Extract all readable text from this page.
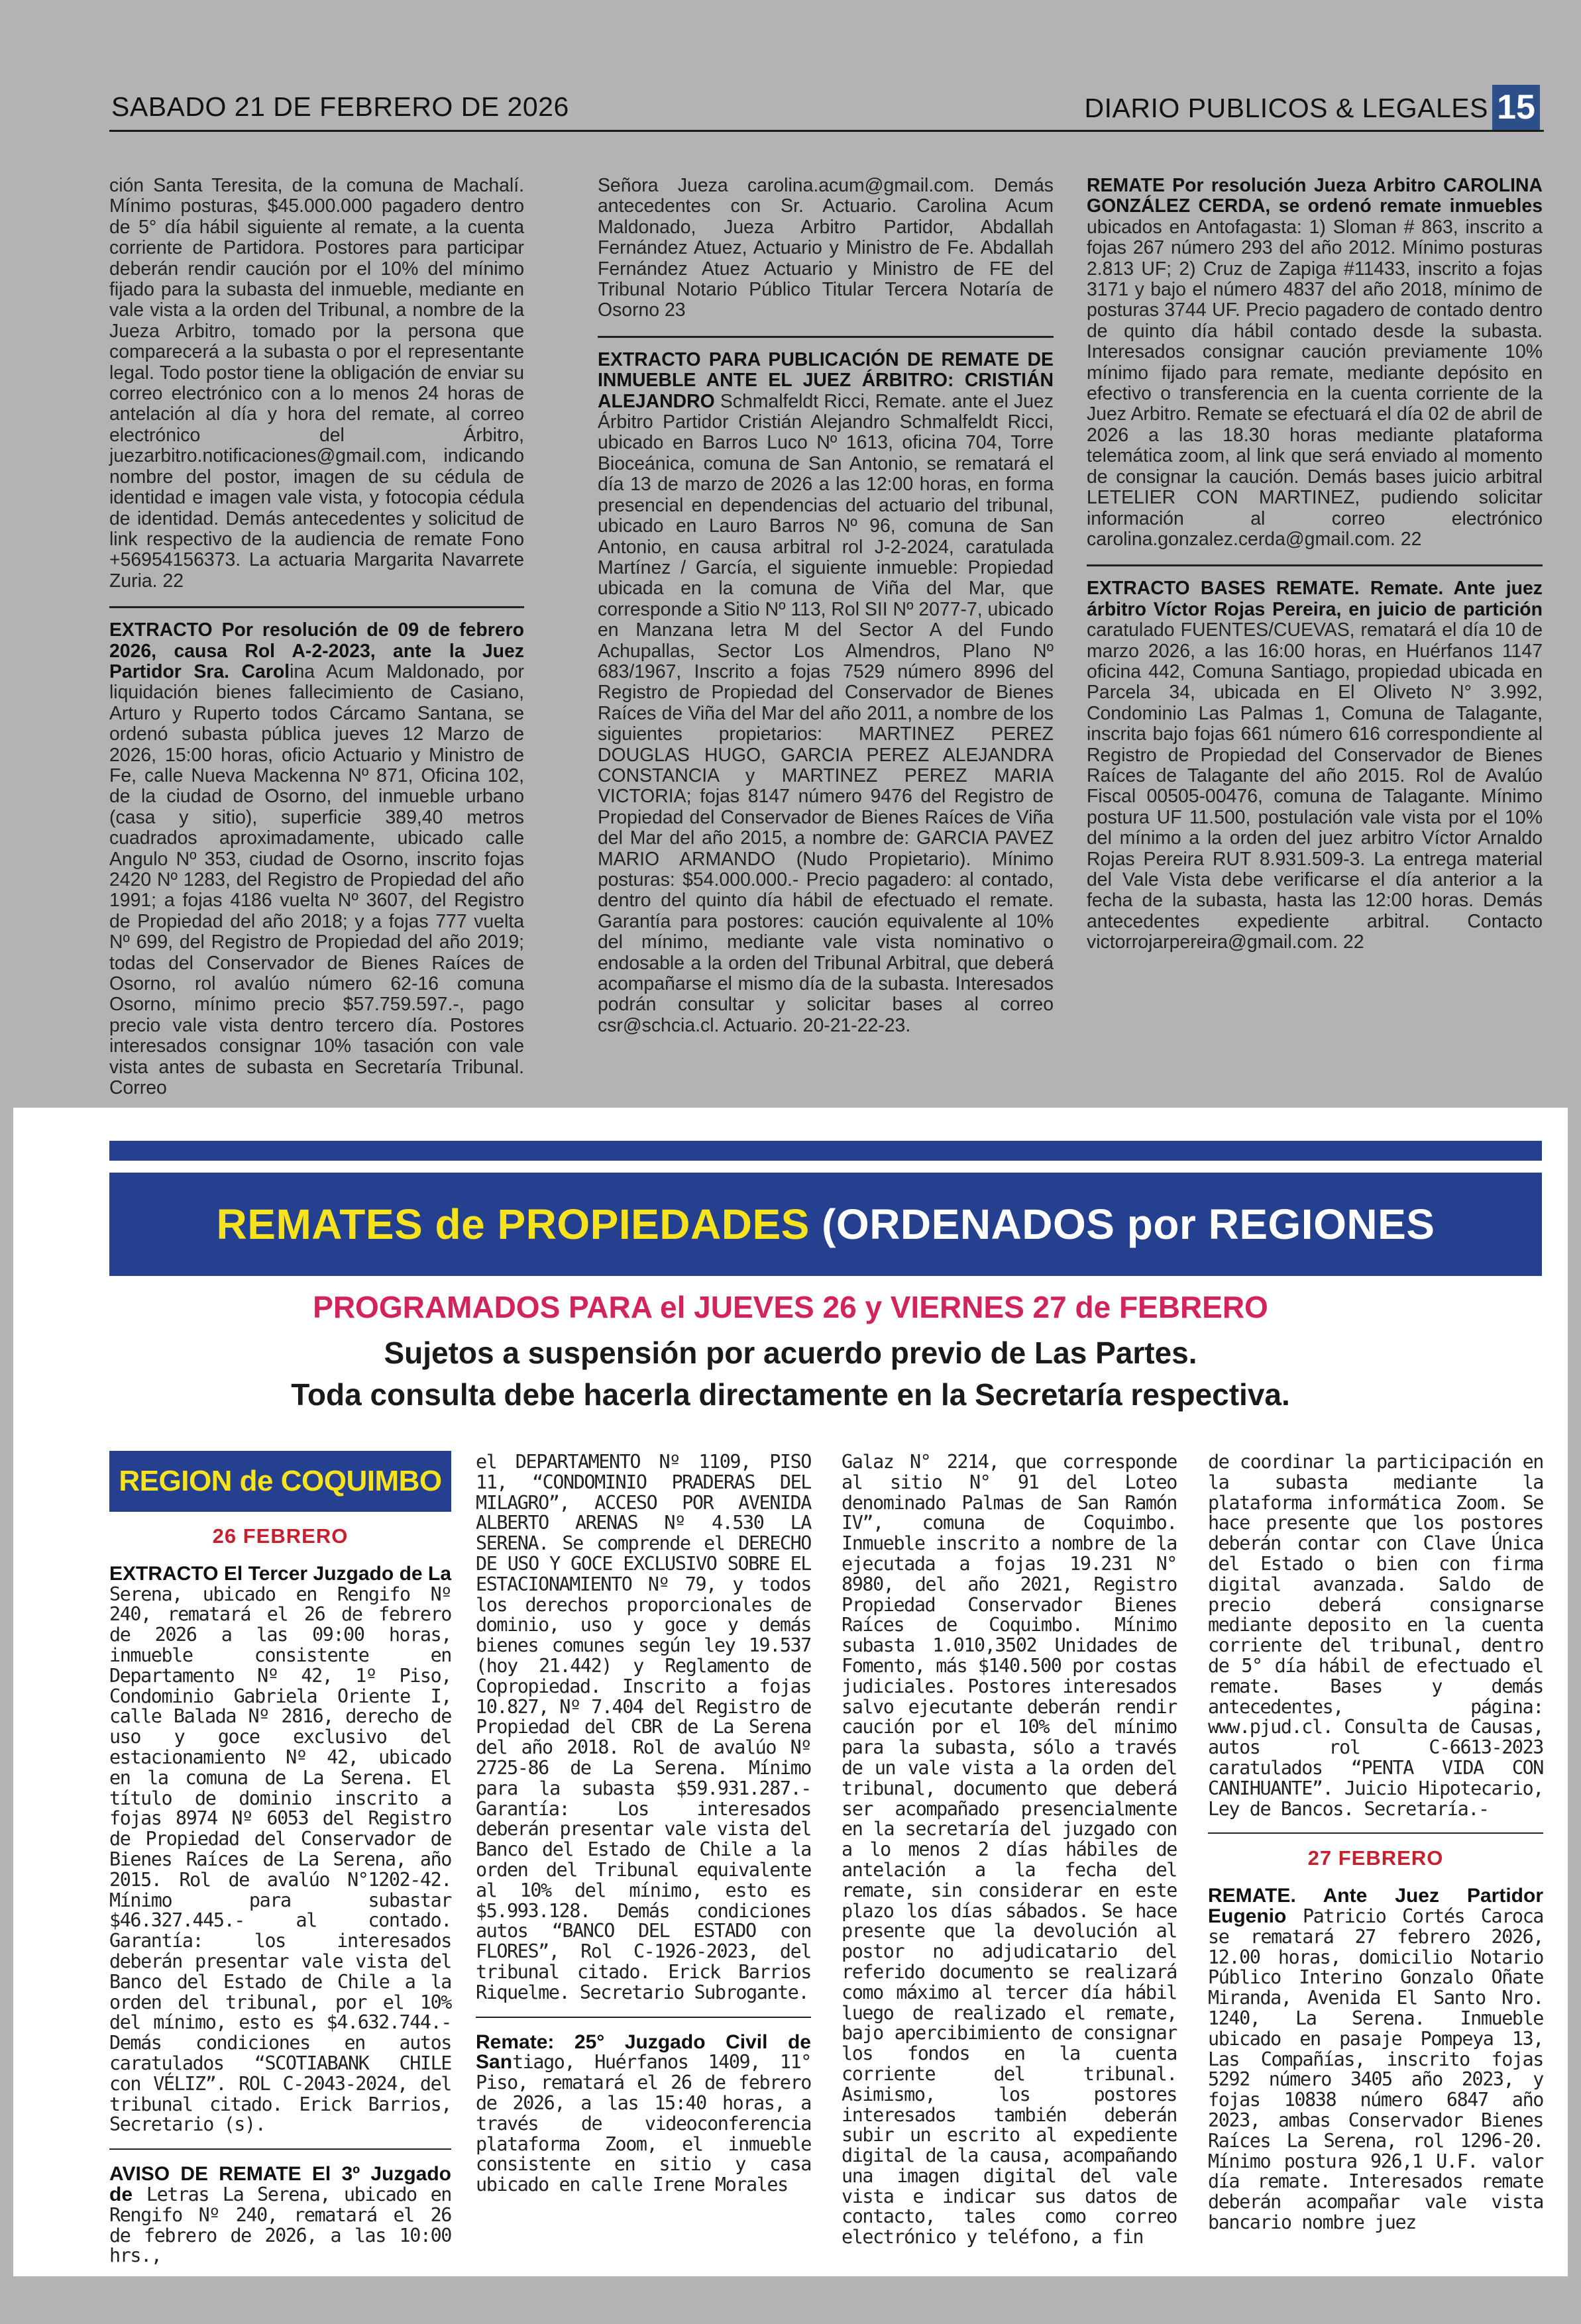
SABADO 21 DE FEBRERO DE 2026	DIARIO PUBLICOS & LEGALES 15

ción Santa Teresita, de la comuna de Machalí. Mínimo posturas, $45.000.000 pagadero dentro de 5° día hábil siguiente al remate, a la cuenta corriente de Partidora. Postores para participar deberán rendir caución por el 10% del mínimo fijado para la subasta del inmueble, mediante en vale vista a la orden del Tribunal, a nombre de la Jueza Arbitro, tomado por la persona que comparecerá a la subasta o por el representante legal. Todo postor tiene la obligación de enviar su correo electrónico con a lo menos 24 horas de antelación al día y hora del remate, al correo electrónico del Árbitro, juezarbitro.notificaciones@gmail.com, indicando nombre del postor, imagen de su cédula de identidad e imagen vale vista, y fotocopia cédula de identidad. Demás antecedentes y solicitud de link respectivo de la audiencia de remate Fono +56954156373. La actuaria Margarita Navarrete Zuria. 22

EXTRACTO Por resolución de 09 de febrero 2026, causa Rol A-2-2023, ante la Juez Partidor Sra. Carolina Acum Maldonado, por liquidación bienes fallecimiento de Casiano, Arturo y Ruperto todos Cárcamo Santana, se ordenó subasta pública jueves 12 Marzo de 2026, 15:00 horas, oficio Actuario y Ministro de Fe, calle Nueva Mackenna Nº 871, Oficina 102, de la ciudad de Osorno, del inmueble urbano (casa y sitio), superficie 389,40 metros cuadrados aproximadamente, ubicado calle Angulo Nº 353, ciudad de Osorno, inscrito fojas 2420 Nº 1283, del Registro de Propiedad del año 1991; a fojas 4186 vuelta Nº 3607, del Registro de Propiedad del año 2018; y a fojas 777 vuelta Nº 699, del Registro de Propiedad del año 2019; todas del Conservador de Bienes Raíces de Osorno, rol avalúo número 62-16 comuna Osorno, mínimo precio $57.759.597.-, pago precio vale vista dentro tercero día. Postores interesados consignar 10% tasación con vale vista antes de subasta en Secretaría Tribunal. Correo

Señora Jueza carolina.acum@gmail.com. Demás antecedentes con Sr. Actuario. Carolina Acum Maldonado, Jueza Arbitro Partidor, Abdallah Fernández Atuez, Actuario y Ministro de Fe. Abdallah Fernández Atuez Actuario y Ministro de FE del Tribunal Notario Público Titular Tercera Notaría de Osorno 23

EXTRACTO PARA PUBLICACIÓN DE REMATE DE INMUEBLE ANTE EL JUEZ ÁRBITRO: CRISTIÁN ALEJANDRO Schmalfeldt Ricci, Remate. ante el Juez Árbitro Partidor Cristián Alejandro Schmalfeldt Ricci, ubicado en Barros Luco Nº 1613, oficina 704, Torre Bioceánica, comuna de San Antonio, se rematará el día 13 de marzo de 2026 a las 12:00 horas, en forma presencial en dependencias del actuario del tribunal, ubicado en Lauro Barros Nº 96, comuna de San Antonio, en causa arbitral rol J-2-2024, caratulada Martínez / García, el siguiente inmueble: Propiedad ubicada en la comuna de Viña del Mar, que corresponde a Sitio Nº 113, Rol SII Nº 2077-7, ubicado en Manzana letra M del Sector A del Fundo Achupallas, Sector Los Almendros, Plano Nº 683/1967, Inscrito a fojas 7529 número 8996 del Registro de Propiedad del Conservador de Bienes Raíces de Viña del Mar del año 2011, a nombre de los siguientes propietarios: MARTINEZ PEREZ DOUGLAS HUGO, GARCIA PEREZ ALEJANDRA CONSTANCIA y MARTINEZ PEREZ MARIA VICTORIA; fojas 8147 número 9476 del Registro de Propiedad del Conservador de Bienes Raíces de Viña del Mar del año 2015, a nombre de: GARCIA PAVEZ MARIO ARMANDO (Nudo Propietario). Mínimo posturas: $54.000.000.- Precio pagadero: al contado, dentro del quinto día hábil de efectuado el remate. Garantía para postores: caución equivalente al 10% del mínimo, mediante vale vista nominativo o endosable a la orden del Tribunal Arbitral, que deberá acompañarse el mismo día de la subasta. Interesados podrán consultar y solicitar bases al correo csr@schcia.cl. Actuario. 20-21-22-23.

REMATE Por resolución Jueza Arbitro CAROLINA GONZÁLEZ CERDA, se ordenó remate inmuebles ubicados en Antofagasta: 1) Sloman # 863, inscrito a fojas 267 número 293 del año 2012. Mínimo posturas 2.813 UF; 2) Cruz de Zapiga #11433, inscrito a fojas 3171 y bajo el número 4837 del año 2018, mínimo de posturas 3744 UF. Precio pagadero de contado dentro de quinto día hábil contado desde la subasta. Interesados consignar caución previamente 10% mínimo fijado para remate, mediante depósito en efectivo o transferencia en la cuenta corriente de la Juez Arbitro. Remate se efectuará el día 02 de abril de 2026 a las 18.30 horas mediante plataforma telemática zoom, al link que será enviado al momento de consignar la caución. Demás bases juicio arbitral LETELIER CON MARTINEZ, pudiendo solicitar información al correo electrónico carolina.gonzalez.cerda@gmail.com. 22

EXTRACTO BASES REMATE. Remate. Ante juez árbitro Víctor Rojas Pereira, en juicio de partición caratulado FUENTES/CUEVAS, rematará el día 10 de marzo 2026, a las 16:00 horas, en Huérfanos 1147 oficina 442, Comuna Santiago, propiedad ubicada en Parcela 34, ubicada en El Oliveto N° 3.992, Condominio Las Palmas 1, Comuna de Talagante, inscrita bajo fojas 661 número 616 correspondiente al Registro de Propiedad del Conservador de Bienes Raíces de Talagante del año 2015. Rol de Avalúo Fiscal 00505-00476, comuna de Talagante. Mínimo postura UF 11.500, postulación vale vista por el 10% del mínimo a la orden del juez arbitro Víctor Arnaldo Rojas Pereira RUT 8.931.509-3. La entrega material del Vale Vista debe verificarse el día anterior a la fecha de la subasta, hasta las 12:00 horas. Demás antecedentes expediente arbitral. Contacto victorrojarpereira@gmail.com. 22

REMATES de PROPIEDADES (ORDENADOS por REGIONES
PROGRAMADOS PARA el JUEVES 26 y VIERNES 27 de FEBRERO
Sujetos a suspensión por acuerdo previo de Las Partes.
Toda consulta debe hacerla directamente en la Secretaría respectiva.
REGION de COQUIMBO
26 FEBRERO

EXTRACTO El Tercer Juzgado de La Serena, ubicado en Rengifo Nº 240, rematará el 26 de febrero de 2026 a las 09:00 horas, inmueble consistente en Departamento Nº 42, 1º Piso, Condominio Gabriela Oriente I, calle Balada Nº 2816, derecho de uso y goce exclusivo del estacionamiento Nº 42, ubicado en la comuna de La Serena. El título de dominio inscrito a fojas 8974 Nº 6053 del Registro de Propiedad del Conservador de Bienes Raíces de La Serena, año 2015. Rol de avalúo N°1202-42. Mínimo para subastar $46.327.445.- al contado. Garantía: los interesados deberán presentar vale vista del Banco del Estado de Chile a la orden del tribunal, por el 10% del mínimo, esto es $4.632.744.- Demás condiciones en autos caratulados “SCOTIABANK CHILE con VÉLIZ”. ROL C-2043-2024, del tribunal citado. Erick Barrios, Secretario (s).

AVISO DE REMATE El 3º Juzgado de Letras La Serena, ubicado en Rengifo Nº 240, rematará el 26 de febrero de 2026, a las 10:00 hrs.,

el DEPARTAMENTO Nº 1109, PISO 11, “CONDOMINIO PRADERAS DEL MILAGRO”, ACCESO POR AVENIDA ALBERTO ARENAS Nº 4.530 LA SERENA. Se comprende el DERECHO DE USO Y GOCE EXCLUSIVO SOBRE EL ESTACIONAMIENTO Nº 79, y todos los derechos proporcionales de dominio, uso y goce y demás bienes comunes según ley 19.537 (hoy 21.442) y Reglamento de Copropiedad. Inscrito a fojas 10.827, Nº 7.404 del Registro de Propiedad del CBR de La Serena del año 2018. Rol de avalúo Nº 2725-86 de La Serena. Mínimo para la subasta $59.931.287.- Garantía: Los interesados deberán presentar vale vista del Banco del Estado de Chile a la orden del Tribunal equivalente al 10% del mínimo, esto es $5.993.128. Demás condiciones autos “BANCO DEL ESTADO con FLORES”, Rol C-1926-2023, del tribunal citado. Erick Barrios Riquelme. Secretario Subrogante.

Remate: 25° Juzgado Civil de Santiago, Huérfanos 1409, 11° Piso, rematará el 26 de febrero de 2026, a las 15:40 horas, a través de videoconferencia plataforma Zoom, el inmueble consistente en sitio y casa ubicado en calle Irene Morales

Galaz N° 2214, que corresponde al sitio N° 91 del Loteo denominado Palmas de San Ramón IV”, comuna de Coquimbo. Inmueble inscrito a nombre de la ejecutada a fojas 19.231 N° 8980, del año 2021, Registro Propiedad Conservador Bienes Raíces de Coquimbo. Mínimo subasta 1.010,3502 Unidades de Fomento, más $140.500 por costas judiciales. Postores interesados salvo ejecutante deberán rendir caución por el 10% del mínimo para la subasta, sólo a través de un vale vista a la orden del tribunal, documento que deberá ser acompañado presencialmente en la secretaría del juzgado con a lo menos 2 días hábiles de antelación a la fecha del remate, sin considerar en este plazo los días sábados. Se hace presente que la devolución al postor no adjudicatario del referido documento se realizará como máximo al tercer día hábil luego de realizado el remate, bajo apercibimiento de consignar los fondos en la cuenta corriente del tribunal. Asimismo, los postores interesados también deberán subir un escrito al expediente digital de la causa, acompañando una imagen digital del vale vista e indicar sus datos de contacto, tales como correo electrónico y teléfono, a fin

de coordinar la participación en la subasta mediante la plataforma informática Zoom. Se hace presente que los postores deberán contar con Clave Única del Estado o bien con firma digital avanzada. Saldo de precio deberá consignarse mediante deposito en la cuenta corriente del tribunal, dentro de 5° día hábil de efectuado el remate. Bases y demás antecedentes, página: www.pjud.cl. Consulta de Causas, autos rol C-6613-2023 caratulados “PENTA VIDA CON CANIHUANTE”. Juicio Hipotecario, Ley de Bancos. Secretaría.-

27 FEBRERO

REMATE. Ante Juez Partidor Eugenio Patricio Cortés Caroca se rematará 27 febrero 2026, 12.00 horas, domicilio Notario Público Interino Gonzalo Oñate Miranda, Avenida El Santo Nro. 1240, La Serena. Inmueble ubicado en pasaje Pompeya 13, Las Compañías, inscrito fojas 5292 número 3405 año 2023, y fojas 10838 número 6847 año 2023, ambas Conservador Bienes Raíces La Serena, rol 1296-20. Mínimo postura 926,1 U.F. valor día remate. Interesados remate deberán acompañar vale vista bancario nombre juez
